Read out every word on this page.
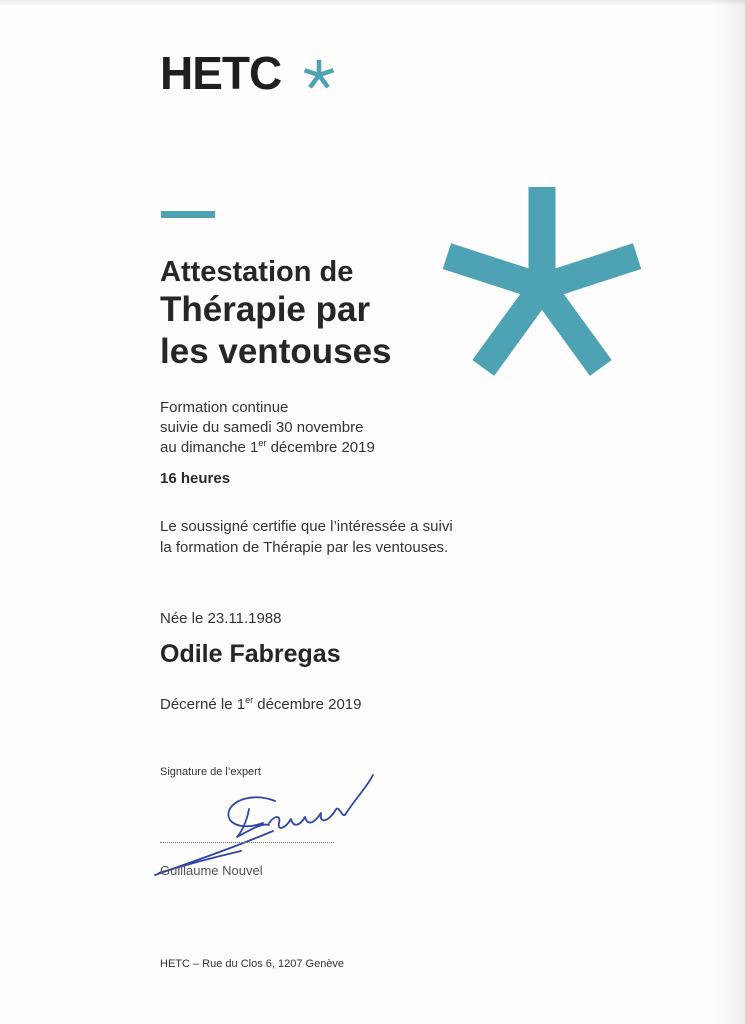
HETC
Attestation de
Thérapie par
les ventouses
Formation continue
suivie du samedi 30 novembre
au dimanche 1er décembre 2019
16 heures
Le soussigné certifie que l’intéressée a suivi
la formation de Thérapie par les ventouses.
Née le 23.11.1988
Odile Fabregas
Décerné le 1er décembre 2019
Signature de l’expert
Guillaume Nouvel
HETC – Rue du Clos 6, 1207 Genève
